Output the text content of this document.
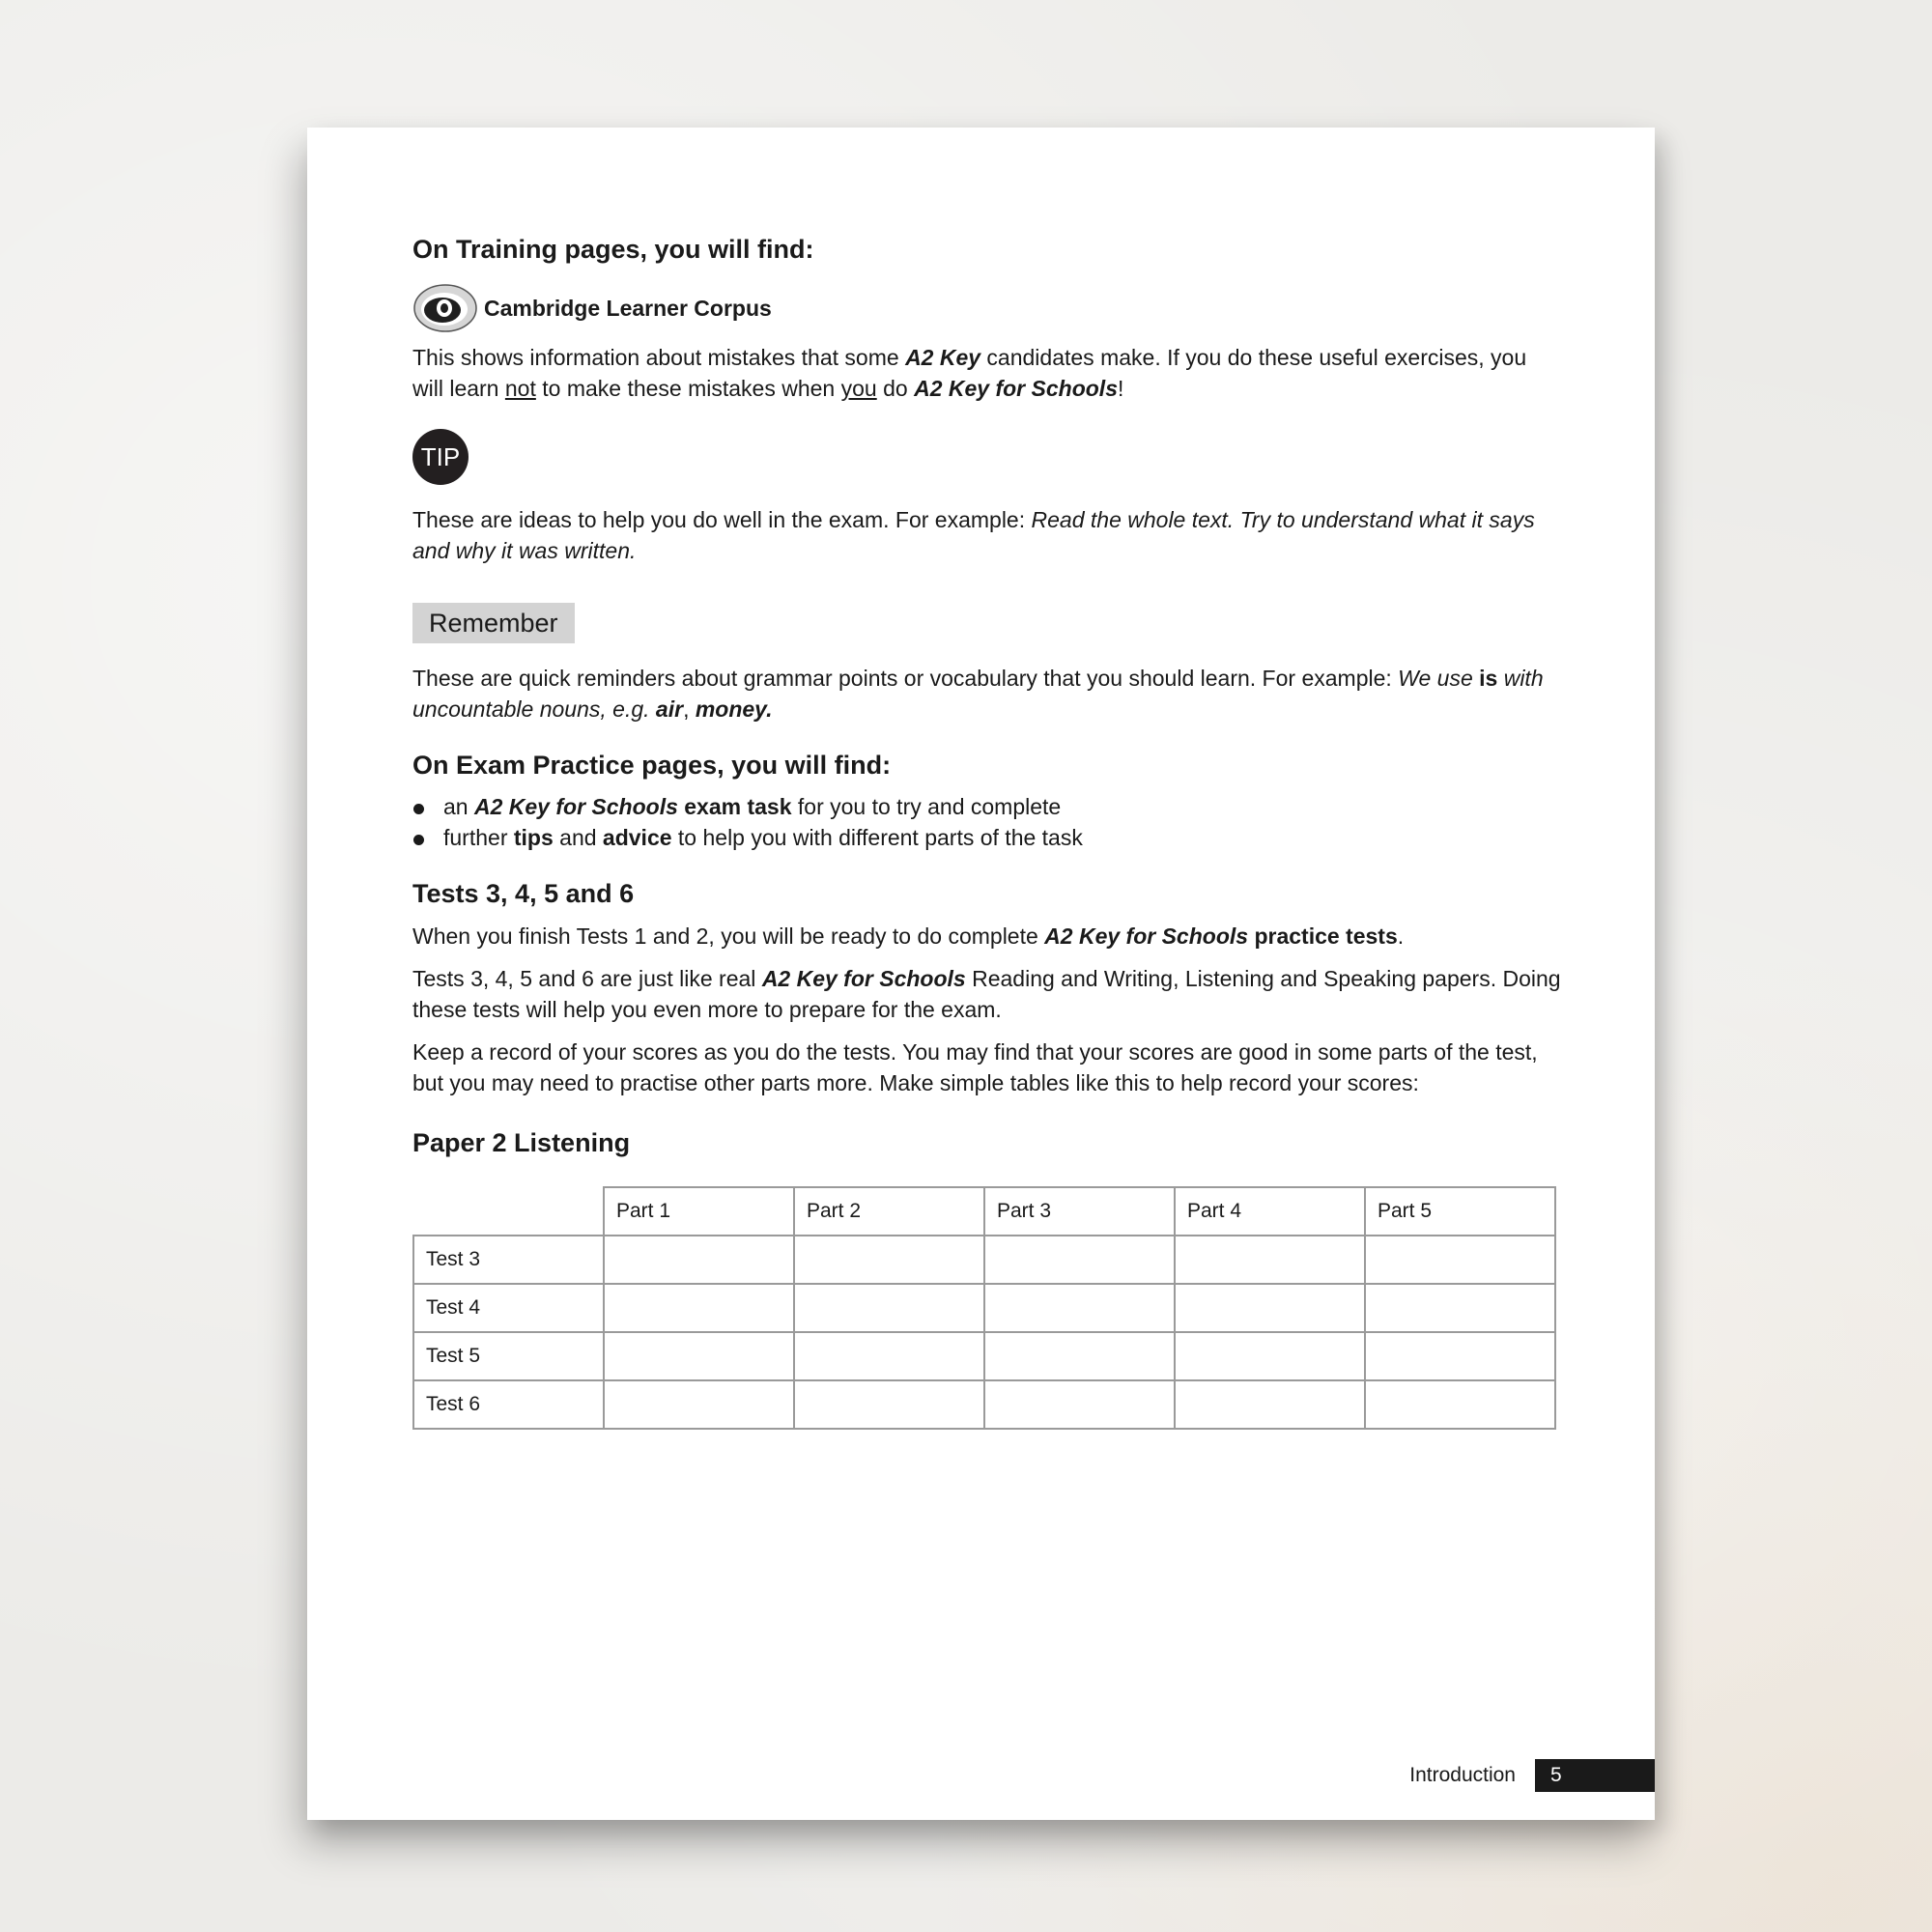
On Training pages, you will find:
Cambridge Learner Corpus

This shows information about mistakes that some A2 Key candidates make. If you do these useful exercises, you will learn not to make these mistakes when you do A2 Key for Schools!

TIP

These are ideas to help you do well in the exam. For example: Read the whole text. Try to understand what it says and why it was written.

Remember

These are quick reminders about grammar points or vocabulary that you should learn. For example: We use is with uncountable nouns, e.g. air, money.

On Exam Practice pages, you will find:
an A2 Key for Schools exam task for you to try and complete
further tips and advice to help you with different parts of the task
Tests 3, 4, 5 and 6

When you finish Tests 1 and 2, you will be ready to do complete A2 Key for Schools practice tests.

Tests 3, 4, 5 and 6 are just like real A2 Key for Schools Reading and Writing, Listening and Speaking papers. Doing these tests will help you even more to prepare for the exam.

Keep a record of your scores as you do the tests. You may find that your scores are good in some parts of the test, but you may need to practise other parts more. Make simple tables like this to help record your scores:

Paper 2 Listening
	Part 1	Part 2	Part 3	Part 4	Part 5
Test 3					
Test 4					
Test 5					
Test 6					
Introduction	5
